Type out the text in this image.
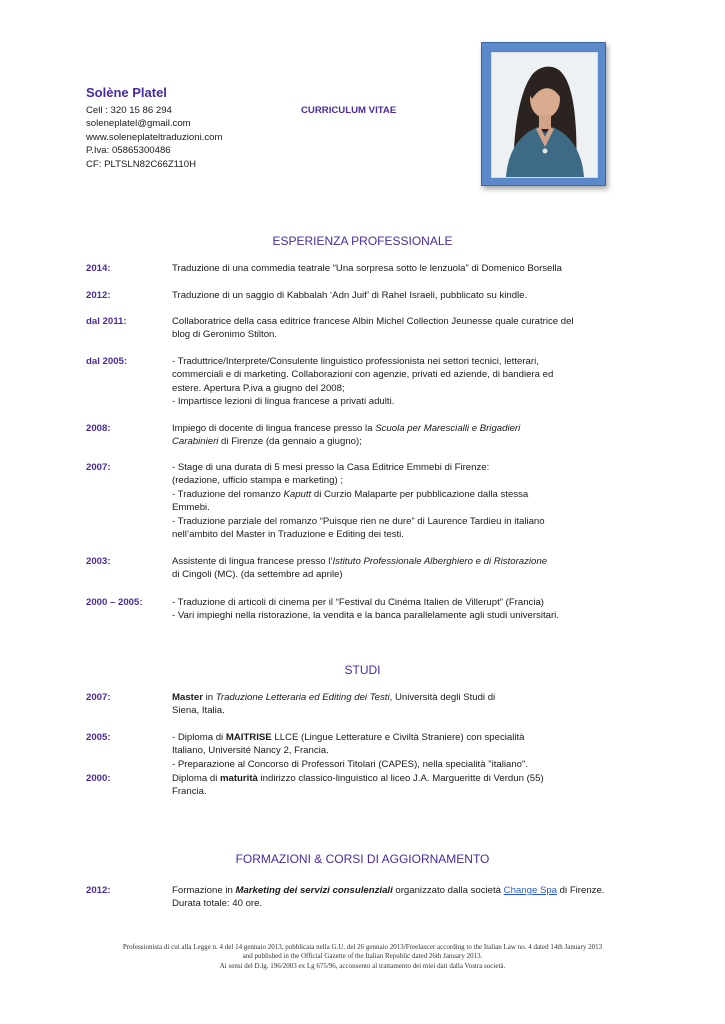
Solène Platel
Cell : 320 15 86 294
soleneplatel@gmail.com
www.soleneplateltraduzioni.com
P.Iva: 05865300486
CF: PLTSLN82C66Z110H
CURRICULUM VITAE
ESPERIENZA PROFESSIONALE
2014:	Traduzione di una commedia teatrale “Una sorpresa sotto le lenzuola” di Domenico Borsella
2012:	Traduzione di un saggio di Kabbalah ‘Adn Juif’ di Rahel Israeli, pubblicato su kindle.
dal 2011:	Collaboratrice della casa editrice francese Albin Michel Collection Jeunesse quale curatrice del
blog di Geronimo Stilton.
dal 2005:	- Traduttrice/Interprete/Consulente linguistico professionista nei settori tecnici, letterari,
commerciali e di marketing. Collaborazioni con agenzie, privati ed aziende, di bandiera ed
estere. Apertura P.iva a giugno del 2008;
- Impartisce lezioni di lingua francese a privati adulti.
2008:	Impiego di docente di lingua francese presso la Scuola per Marescialli e Brigadieri
Carabinieri di Firenze (da gennaio a giugno);
2007:	- Stage di una durata di 5 mesi presso la Casa Editrice Emmebi di Firenze:
(redazione, ufficio stampa e marketing) ;
- Traduzione del romanzo Kaputt di Curzio Malaparte per pubblicazione dalla stessa
Emmebi.
- Traduzione parziale del romanzo “Puisque rien ne dure” di Laurence Tardieu in italiano
nell’ambito del Master in Traduzione e Editing dei testi.
2003:	Assistente di lingua francese presso l’Istituto Professionale Alberghiero e di Ristorazione
di Cingoli (MC). (da settembre ad aprile)
2000 – 2005:	- Traduzione di articoli di cinema per il “Festival du Cinéma Italien de Villerupt” (Francia)
- Vari impieghi nella ristorazione, la vendita e la banca parallelamente agli studi universitari.
STUDI
2007:	Master in Traduzione Letteraria ed Editing dei Testi, Università degli Studi di
Siena, Italia.
2005:	- Diploma di MAITRISE LLCE (Lingue Letterature e Civiltà Straniere) con specialità
Italiano, Université Nancy 2, Francia.
- Preparazione al Concorso di Professori Titolari (CAPES), nella specialità "italiano".
2000:	Diploma di maturità indirizzo classico-linguistico al liceo J.A. Margueritte di Verdun (55)
Francia.
FORMAZIONI & CORSI DI AGGIORNAMENTO
2012:	Formazione in Marketing dei servizi consulenziali organizzato dalla società Change Spa di Firenze.
Durata totale: 40 ore.
Professionista di cui alla Legge n. 4 del 14 gennaio 2013, pubblicata nella G.U. del 26 gennaio 2013/Freelancer according to the Italian Law no. 4 dated 14th January 2013
and published in the Official Gazette of the Italian Republic dated 26th January 2013.
Ai sensi del D.lg. 196/2003 ex Lg 675/96, acconsento al trattamento dei miei dati dalla Vostra società.
